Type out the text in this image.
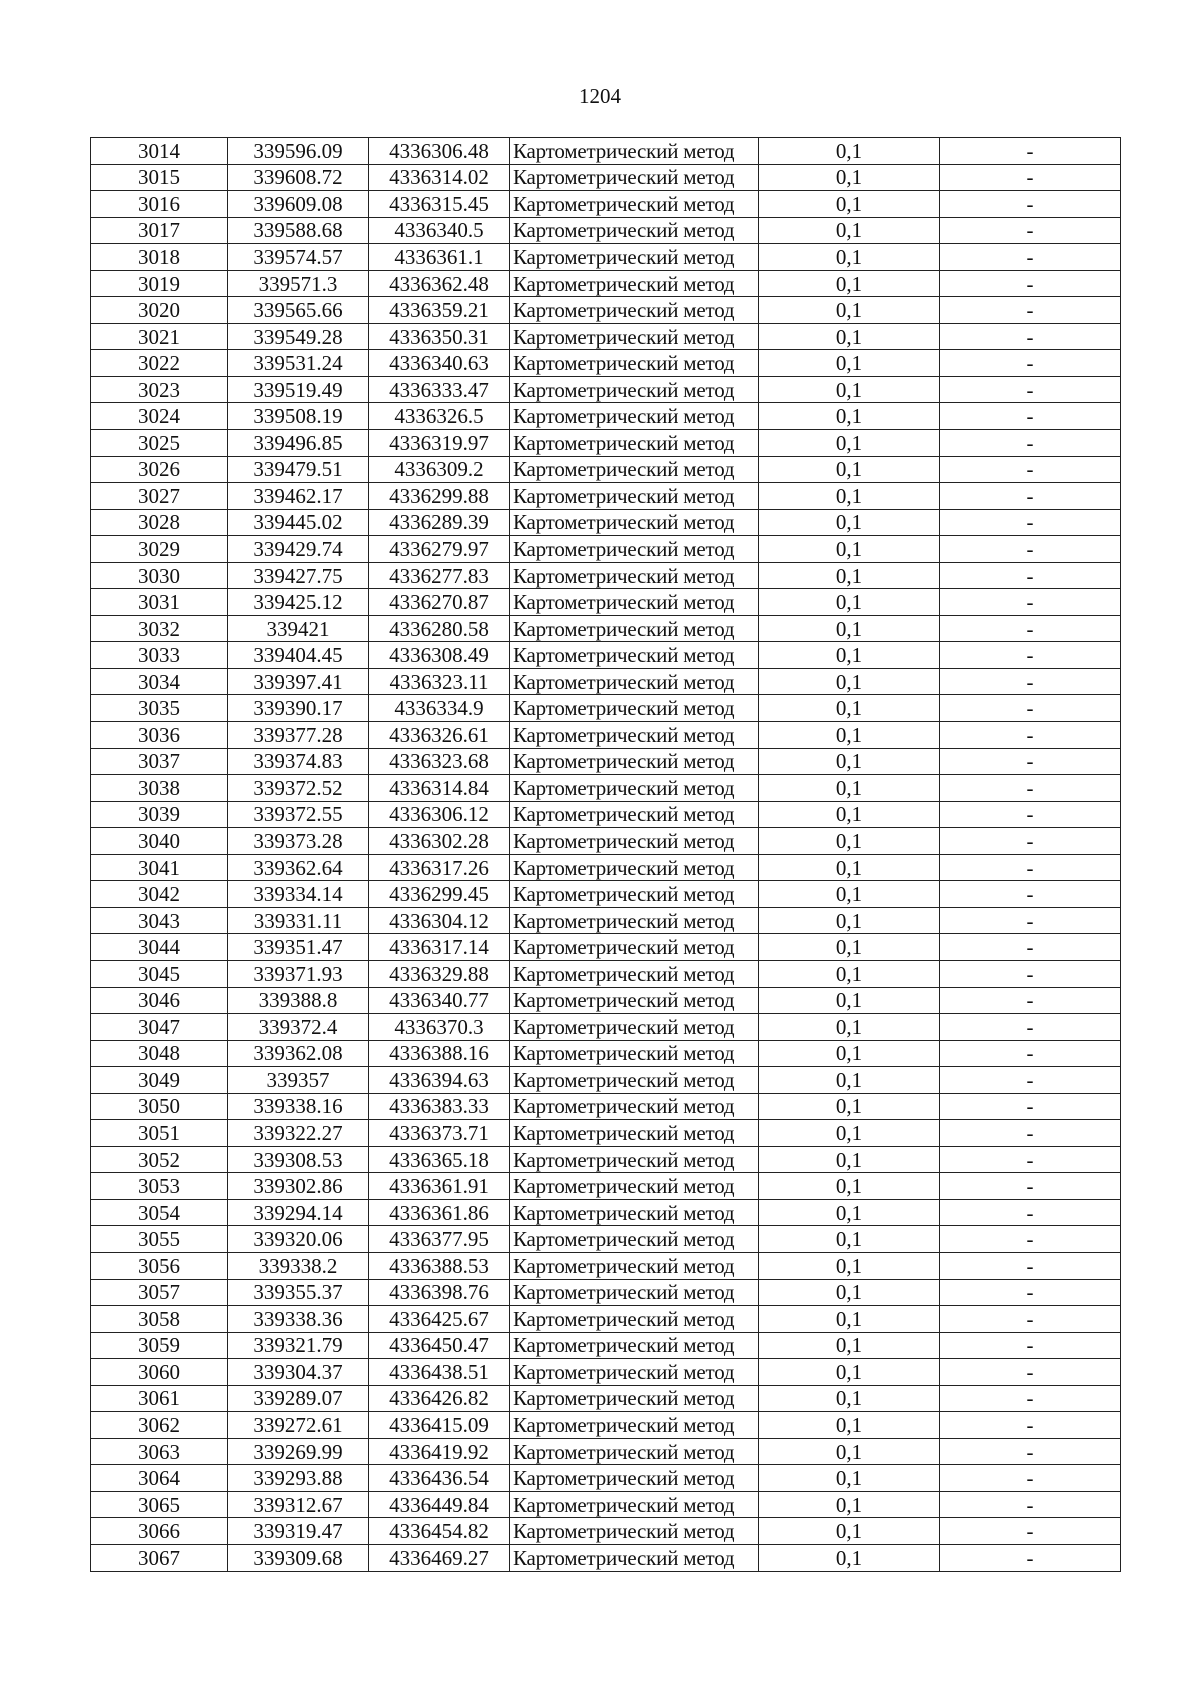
1204
3014	339596.09	4336306.48	Картометрический метод	0,1	-
3015	339608.72	4336314.02	Картометрический метод	0,1	-
3016	339609.08	4336315.45	Картометрический метод	0,1	-
3017	339588.68	4336340.5	Картометрический метод	0,1	-
3018	339574.57	4336361.1	Картометрический метод	0,1	-
3019	339571.3	4336362.48	Картометрический метод	0,1	-
3020	339565.66	4336359.21	Картометрический метод	0,1	-
3021	339549.28	4336350.31	Картометрический метод	0,1	-
3022	339531.24	4336340.63	Картометрический метод	0,1	-
3023	339519.49	4336333.47	Картометрический метод	0,1	-
3024	339508.19	4336326.5	Картометрический метод	0,1	-
3025	339496.85	4336319.97	Картометрический метод	0,1	-
3026	339479.51	4336309.2	Картометрический метод	0,1	-
3027	339462.17	4336299.88	Картометрический метод	0,1	-
3028	339445.02	4336289.39	Картометрический метод	0,1	-
3029	339429.74	4336279.97	Картометрический метод	0,1	-
3030	339427.75	4336277.83	Картометрический метод	0,1	-
3031	339425.12	4336270.87	Картометрический метод	0,1	-
3032	339421	4336280.58	Картометрический метод	0,1	-
3033	339404.45	4336308.49	Картометрический метод	0,1	-
3034	339397.41	4336323.11	Картометрический метод	0,1	-
3035	339390.17	4336334.9	Картометрический метод	0,1	-
3036	339377.28	4336326.61	Картометрический метод	0,1	-
3037	339374.83	4336323.68	Картометрический метод	0,1	-
3038	339372.52	4336314.84	Картометрический метод	0,1	-
3039	339372.55	4336306.12	Картометрический метод	0,1	-
3040	339373.28	4336302.28	Картометрический метод	0,1	-
3041	339362.64	4336317.26	Картометрический метод	0,1	-
3042	339334.14	4336299.45	Картометрический метод	0,1	-
3043	339331.11	4336304.12	Картометрический метод	0,1	-
3044	339351.47	4336317.14	Картометрический метод	0,1	-
3045	339371.93	4336329.88	Картометрический метод	0,1	-
3046	339388.8	4336340.77	Картометрический метод	0,1	-
3047	339372.4	4336370.3	Картометрический метод	0,1	-
3048	339362.08	4336388.16	Картометрический метод	0,1	-
3049	339357	4336394.63	Картометрический метод	0,1	-
3050	339338.16	4336383.33	Картометрический метод	0,1	-
3051	339322.27	4336373.71	Картометрический метод	0,1	-
3052	339308.53	4336365.18	Картометрический метод	0,1	-
3053	339302.86	4336361.91	Картометрический метод	0,1	-
3054	339294.14	4336361.86	Картометрический метод	0,1	-
3055	339320.06	4336377.95	Картометрический метод	0,1	-
3056	339338.2	4336388.53	Картометрический метод	0,1	-
3057	339355.37	4336398.76	Картометрический метод	0,1	-
3058	339338.36	4336425.67	Картометрический метод	0,1	-
3059	339321.79	4336450.47	Картометрический метод	0,1	-
3060	339304.37	4336438.51	Картометрический метод	0,1	-
3061	339289.07	4336426.82	Картометрический метод	0,1	-
3062	339272.61	4336415.09	Картометрический метод	0,1	-
3063	339269.99	4336419.92	Картометрический метод	0,1	-
3064	339293.88	4336436.54	Картометрический метод	0,1	-
3065	339312.67	4336449.84	Картометрический метод	0,1	-
3066	339319.47	4336454.82	Картометрический метод	0,1	-
3067	339309.68	4336469.27	Картометрический метод	0,1	-
